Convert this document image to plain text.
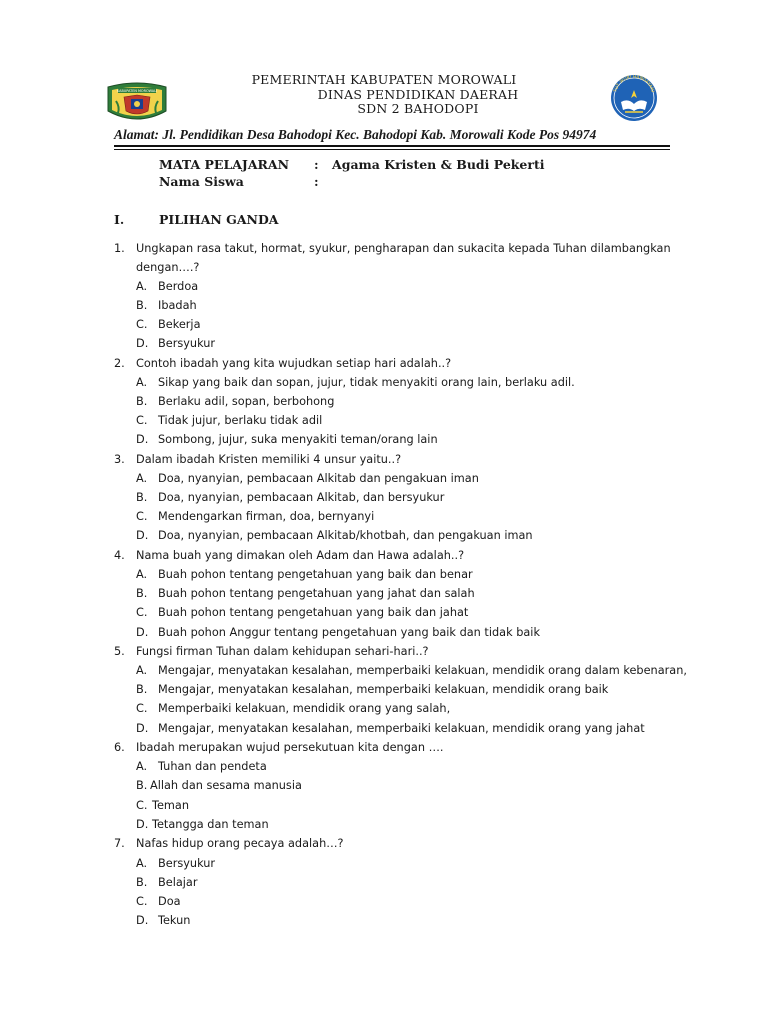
KABUPATEN MOROWALI	TUT WURI HANDAYANI
PEMERINTAH KABUPATEN MOROWALI
DINAS PENDIDIKAN DAERAH
SDN 2 BAHODOPI
Alamat: Jl. Pendidikan Desa Bahodopi Kec. Bahodopi Kab. Morowali Kode Pos 94974
MATA PELAJARAN : Agama Kristen & Budi Pekerti
Nama Siswa	:
I.	PILIHAN GANDA
1. Ungkapan rasa takut, hormat, syukur, pengharapan dan sukacita kepada Tuhan dilambangkan
dengan….?
A. Berdoa
B. Ibadah
C. Bekerja
D. Bersyukur
2. Contoh ibadah yang kita wujudkan setiap hari adalah..?
A. Sikap yang baik dan sopan, jujur, tidak menyakiti orang lain, berlaku adil.
B. Berlaku adil, sopan, berbohong
C. Tidak jujur, berlaku tidak adil
D. Sombong, jujur, suka menyakiti teman/orang lain
3. Dalam ibadah Kristen memiliki 4 unsur yaitu..?
A. Doa, nyanyian, pembacaan Alkitab dan pengakuan iman
B. Doa, nyanyian, pembacaan Alkitab, dan bersyukur
C. Mendengarkan firman, doa, bernyanyi
D. Doa, nyanyian, pembacaan Alkitab/khotbah, dan pengakuan iman
4. Nama buah yang dimakan oleh Adam dan Hawa adalah..?
A. Buah pohon tentang pengetahuan yang baik dan benar
B. Buah pohon tentang pengetahuan yang jahat dan salah
C. Buah pohon tentang pengetahuan yang baik dan jahat
D. Buah pohon Anggur tentang pengetahuan yang baik dan tidak baik
5. Fungsi firman Tuhan dalam kehidupan sehari-hari..?
A. Mengajar, menyatakan kesalahan, memperbaiki kelakuan, mendidik orang dalam kebenaran,
B. Mengajar, menyatakan kesalahan, memperbaiki kelakuan, mendidik orang baik
C. Memperbaiki kelakuan, mendidik orang yang salah,
D. Mengajar, menyatakan kesalahan, memperbaiki kelakuan, mendidik orang yang jahat
6. Ibadah merupakan wujud persekutuan kita dengan ….
A. Tuhan dan pendeta
B. Allah dan sesama manusia
C. Teman
D. Tetangga dan teman
7. Nafas hidup orang pecaya adalah…?
A. Bersyukur
B. Belajar
C. Doa
D. Tekun
